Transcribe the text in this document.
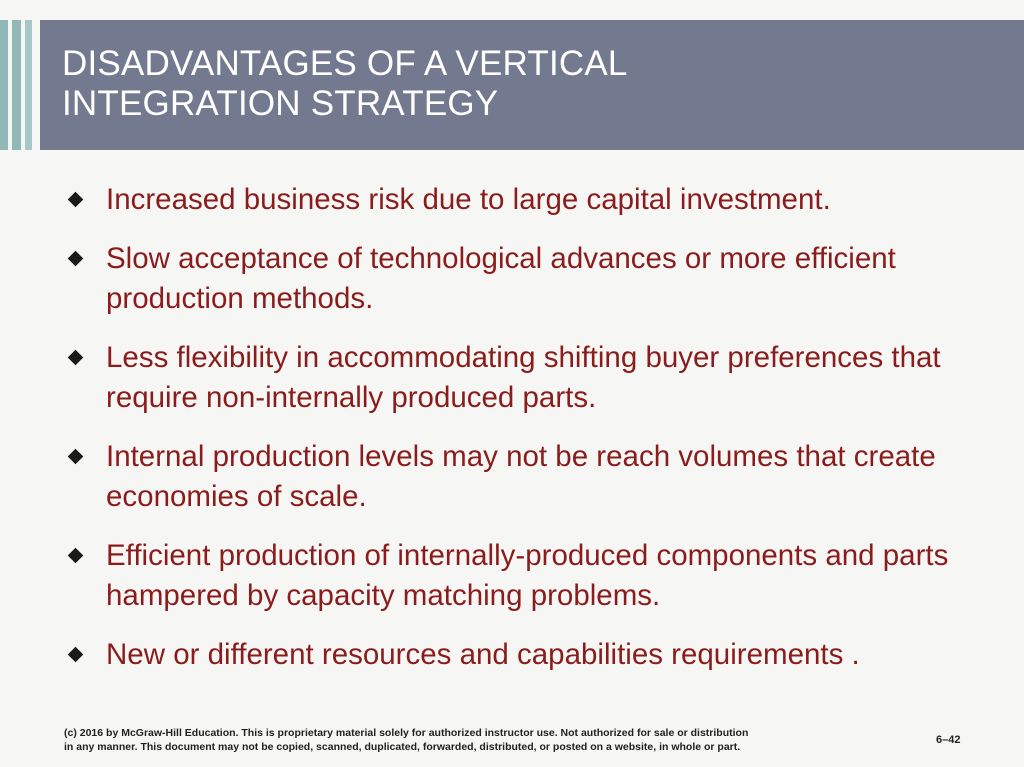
DISADVANTAGES OF A VERTICAL
INTEGRATION STRATEGY
Increased business risk due to large capital investment.
Slow acceptance of technological advances or more efficient production methods.
Less flexibility in accommodating shifting buyer preferences that require non-internally produced parts.
Internal production levels may not be reach volumes that create economies of scale.
Efficient production of internally-produced components and parts hampered by capacity matching problems.
New or different resources and capabilities requirements .
(c) 2016 by McGraw-Hill Education. This is proprietary material solely for authorized instructor use. Not authorized for sale or distribution
in any manner. This document may not be copied, scanned, duplicated, forwarded, distributed, or posted on a website, in whole or part.
6–42
